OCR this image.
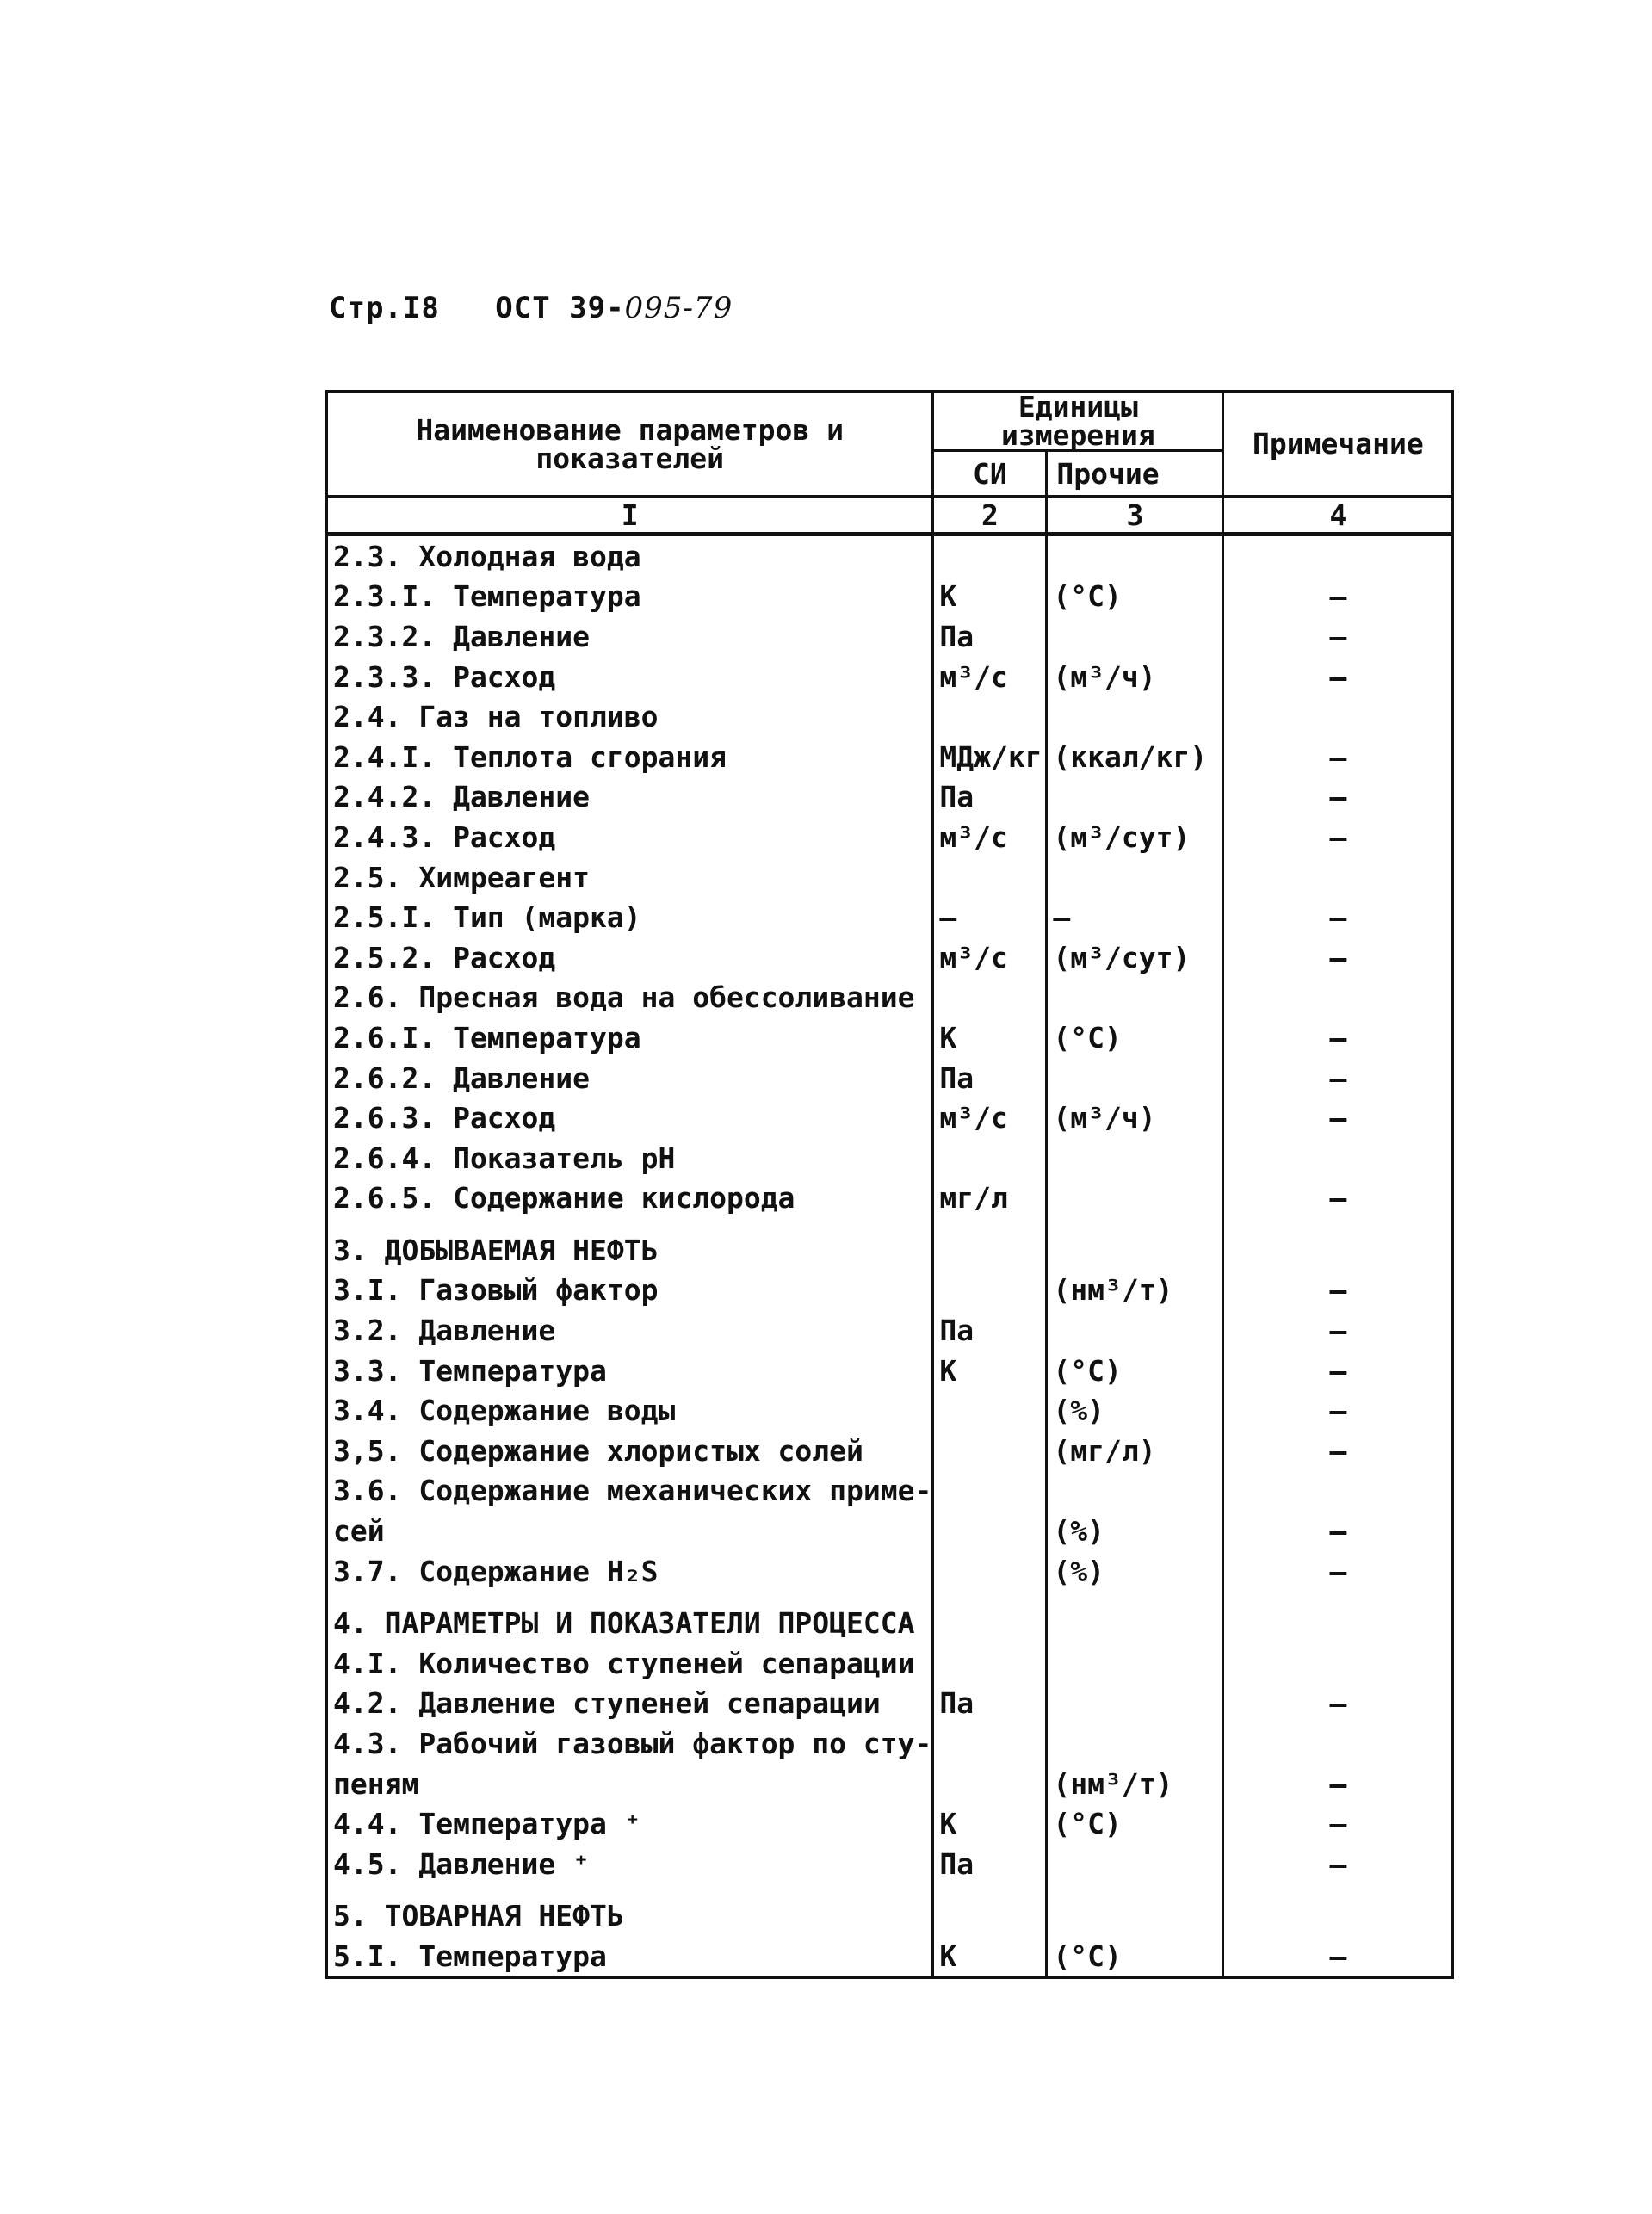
Стр.I8 ОСТ 39-095-79
Наименование параметров и показателей	Единицы измерения		Примечание
	СИ	Прочие	
I	2	3	4
2.3. Холодная вода			
2.3.I. Температура	К	(°С)	–
2.3.2. Давление	Па		–
2.3.3. Расход	м³/с	(м³/ч)	–
2.4. Газ на топливо			
2.4.I. Теплота сгорания	МДж/кг	(ккал/кг)	–
2.4.2. Давление	Па		–
2.4.3. Расход	м³/с	(м³/сут)	–
2.5. Химреагент			
2.5.I. Тип (марка)	–	–	–
2.5.2. Расход	м³/с	(м³/сут)	–
2.6. Пресная вода на обессоливание			
2.6.I. Температура	К	(°С)	–
2.6.2. Давление	Па		–
2.6.3. Расход	м³/с	(м³/ч)	–
2.6.4. Показатель pH			
2.6.5. Содержание кислорода	мг/л		–
3. ДОБЫВАЕМАЯ НЕФТЬ			
3.I. Газовый фактор		(нм³/т)	–
3.2. Давление	Па		–
3.3. Температура	К	(°С)	–
3.4. Содержание воды		(%)	–
3,5. Содержание хлористых солей		(мг/л)	–
3.6. Содержание механических приме-			
сей		(%)	–
3.7. Содержание H₂S		(%)	–
4. ПАРАМЕТРЫ И ПОКАЗАТЕЛИ ПРОЦЕССА			
4.I. Количество ступеней сепарации			
4.2. Давление ступеней сепарации	Па		–
4.3. Рабочий газовый фактор по сту-			
пеням		(нм³/т)	–
4.4. Температура ⁺	К	(°С)	–
4.5. Давление ⁺	Па		–
5. ТОВАРНАЯ НЕФТЬ			
5.I. Температура	К	(°С)	–
